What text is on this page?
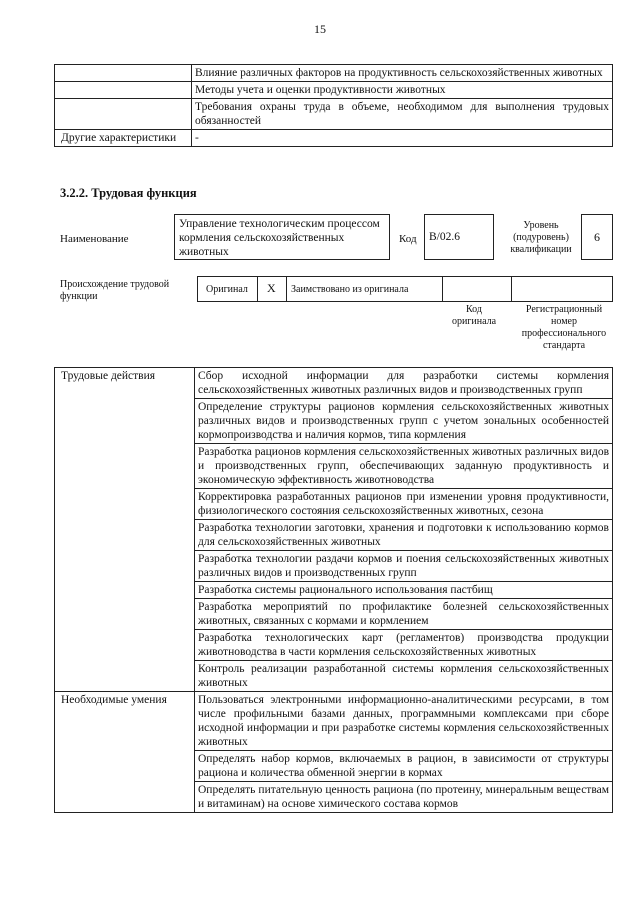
15
	Влияние различных факторов на продуктивность сельскохозяйственных животных
	Методы учета и оценки продуктивности животных
	Требования охраны труда в объеме, необходимом для выполнения трудовых обязанностей
Другие характеристики	-
3.2.2. Трудовая функция
Наименование
Управление технологическим процессом кормления сельскохозяйственных животных
Код	B/02.6
Уровень (подуровень) квалификации
6
Происхождение трудовой функции
Оригинал X Заимствовано из оригинала
Код оригинала
Регистрационный номер профессионального стандарта
Трудовые действия	Сбор исходной информации для разработки системы кормления сельскохозяйственных животных различных видов и производственных групп
	Определение структуры рационов кормления сельскохозяйственных животных различных видов и производственных групп с учетом зональных особенностей кормопроизводства и наличия кормов, типа кормления
	Разработка рационов кормления сельскохозяйственных животных различных видов и производственных групп, обеспечивающих заданную продуктивность и экономическую эффективность животноводства
	Корректировка разработанных рационов при изменении уровня продуктивности, физиологического состояния сельскохозяйственных животных, сезона
	Разработка технологии заготовки, хранения и подготовки к использованию кормов для сельскохозяйственных животных
	Разработка технологии раздачи кормов и поения сельскохозяйственных животных различных видов и производственных групп
	Разработка системы рационального использования пастбищ
	Разработка мероприятий по профилактике болезней сельскохозяйственных животных, связанных с кормами и кормлением
	Разработка технологических карт (регламентов) производства продукции животноводства в части кормления сельскохозяйственных животных
	Контроль реализации разработанной системы кормления сельскохозяйственных животных
Необходимые умения	Пользоваться электронными информационно-аналитическими ресурсами, в том числе профильными базами данных, программными комплексами при сборе исходной информации и при разработке системы кормления сельскохозяйственных животных
	Определять набор кормов, включаемых в рацион, в зависимости от структуры рациона и количества обменной энергии в кормах
	Определять питательную ценность рациона (по протеину, минеральным веществам и витаминам) на основе химического состава кормов
